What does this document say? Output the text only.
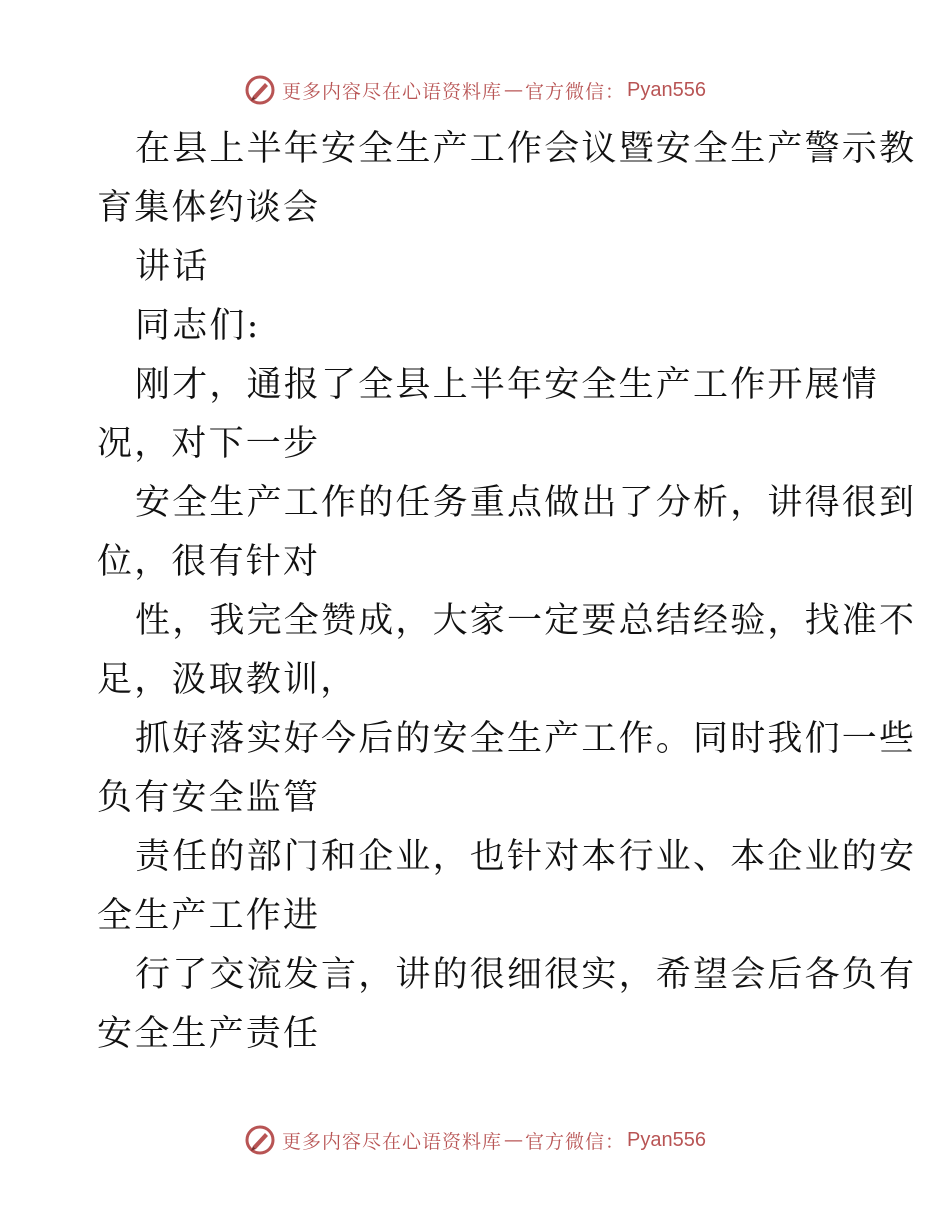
更多内容尽在心语资料库 — 官方微信： Pyan556

在县上半年安全生产工作会议暨安全生产警示教
育集体约谈会

讲话

同志们:

刚才，通报了全县上半年安全生产工作开展情
况，对下一步

安全生产工作的任务重点做出了分析，讲得很到
位，很有针对

性，我完全赞成，大家一定要总结经验，找准不
足，汲取教训，

抓好落实好今后的安全生产工作。同时我们一些
负有安全监管

责任的部门和企业，也针对本行业、本企业的安
全生产工作进

行了交流发言，讲的很细很实，希望会后各负有
安全生产责任

更多内容尽在心语资料库 — 官方微信： Pyan556
